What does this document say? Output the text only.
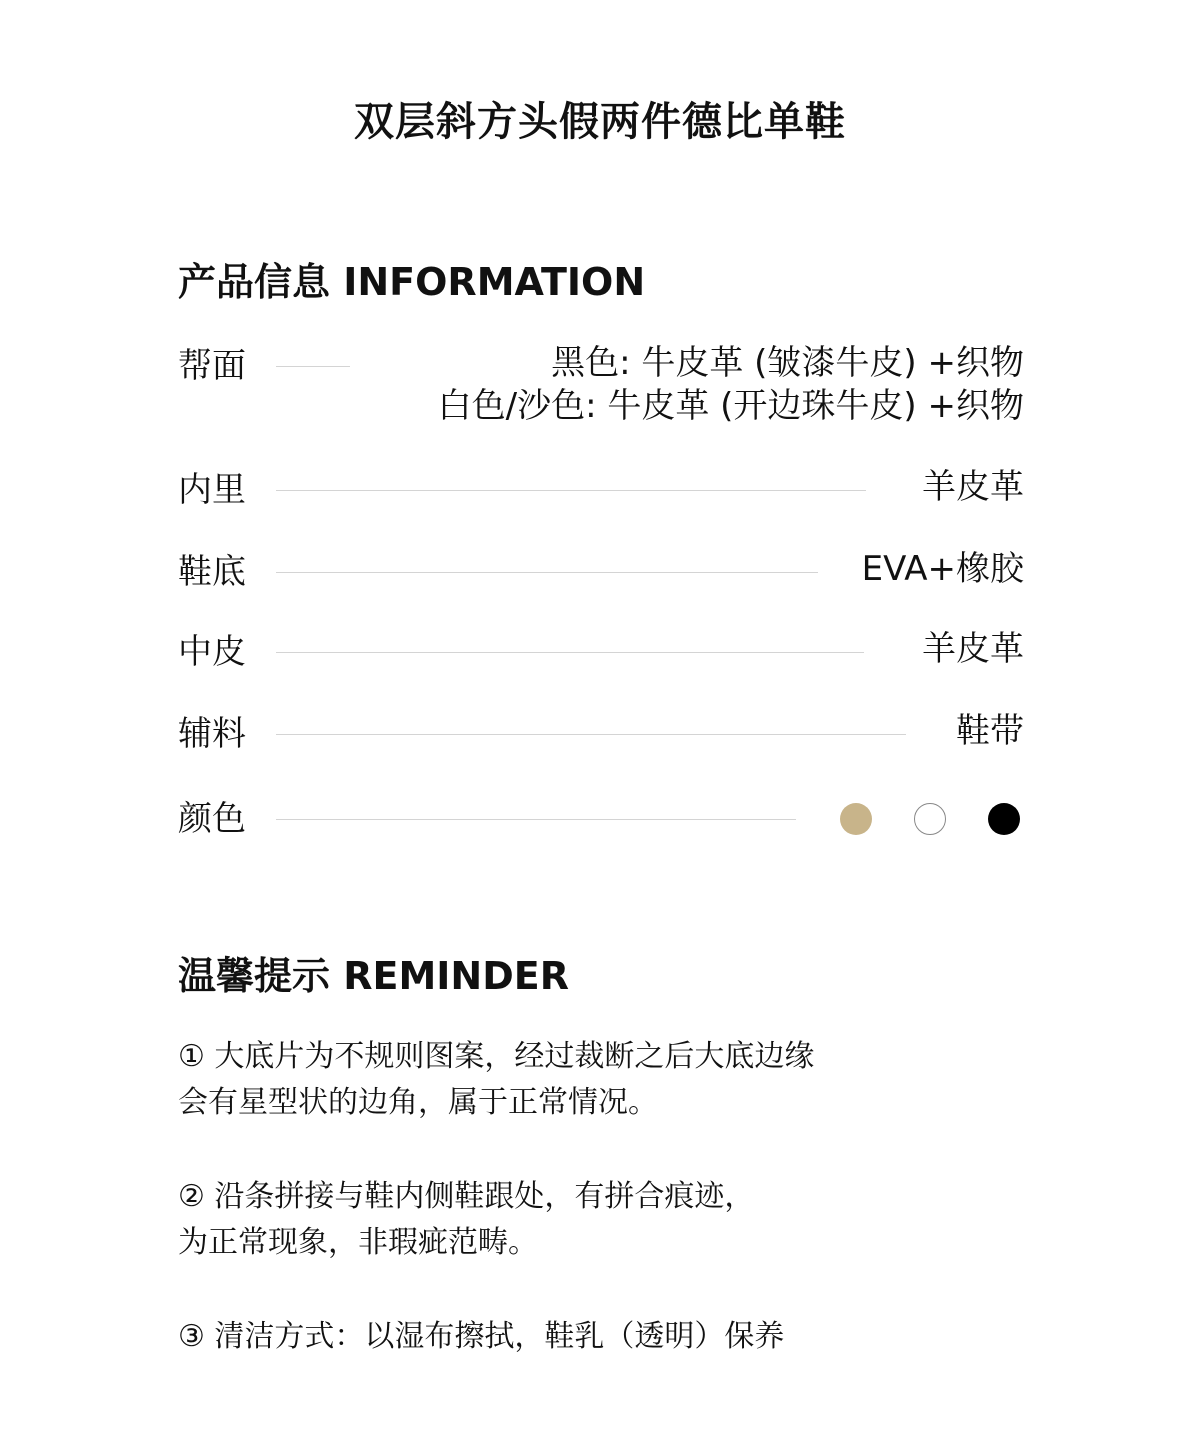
双层斜方头假两件德比单鞋
产品信息 INFORMATION
帮面	黑色: 牛皮革 (皱漆牛皮) +织物
白色/沙色: 牛皮革 (开边珠牛皮) +织物
内里	羊皮革
鞋底	EVA+橡胶
中皮	羊皮革
辅料	鞋带
颜色
温馨提示 REMINDER
① 大底片为不规则图案，经过裁断之后大底边缘
会有星型状的边角，属于正常情况。
② 沿条拼接与鞋内侧鞋跟处，有拼合痕迹，
为正常现象，非瑕疵范畴。
③ 清洁方式：以湿布擦拭，鞋乳（透明）保养
